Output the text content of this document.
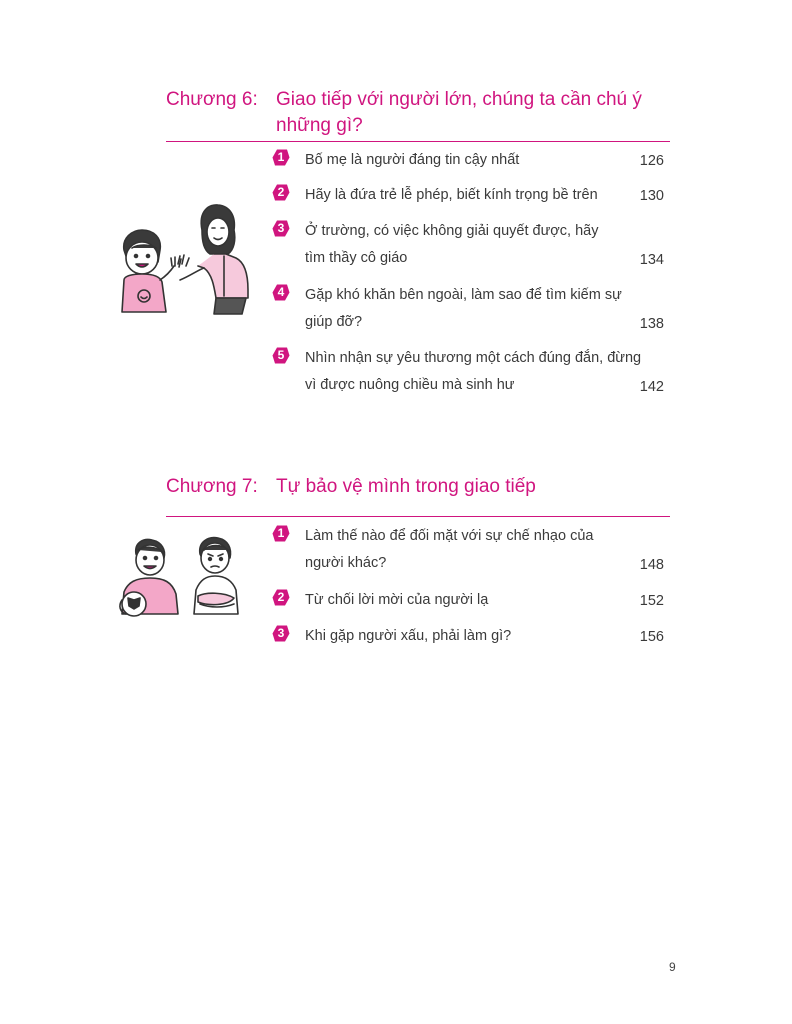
Chương 6: Giao tiếp với người lớn, chúng ta cần chú ý những gì?
1	Bố mẹ là người đáng tin cậy nhất	126
2	Hãy là đứa trẻ lễ phép, biết kính trọng bề trên	130
3	Ở trường, có việc không giải quyết được, hãy tìm thầy cô giáo	134
4	Gặp khó khăn bên ngoài, làm sao để tìm kiếm sự giúp đỡ?	138
5	Nhìn nhận sự yêu thương một cách đúng đắn, đừng vì được nuông chiều mà sinh hư	142
Chương 7: Tự bảo vệ mình trong giao tiếp
1	Làm thế nào để đối mặt với sự chế nhạo của người khác?	148
2	Từ chối lời mời của người lạ	152
3	Khi gặp người xấu, phải làm gì?	156
9
